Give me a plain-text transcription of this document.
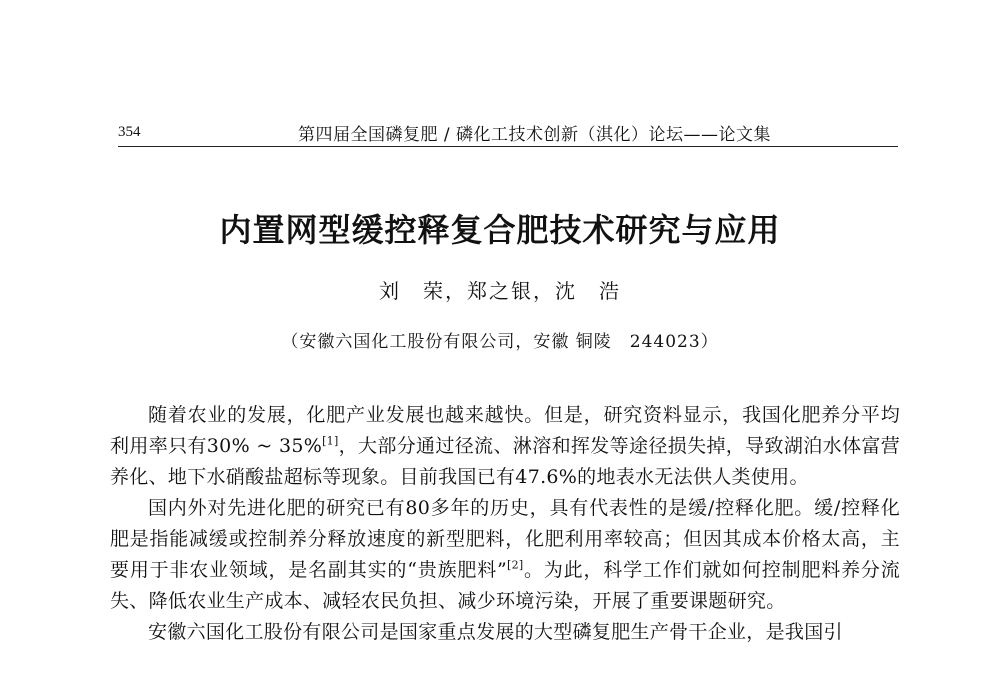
354	第四届全国磷复肥 / 磷化工技术创新（淇化）论坛——论文集
内置网型缓控释复合肥技术研究与应用
刘　荣，郑之银，沈　浩
（安徽六国化工股份有限公司，安徽 铜陵　244023）

随着农业的发展，化肥产业发展也越来越快。但是，研究资料显示，我国化肥养分平均利用率只有30% ~ 35%[1]，大部分通过径流、淋溶和挥发等途径损失掉，导致湖泊水体富营养化、地下水硝酸盐超标等现象。目前我国已有47.6%的地表水无法供人类使用。

国内外对先进化肥的研究已有80多年的历史，具有代表性的是缓/控释化肥。缓/控释化肥是指能减缓或控制养分释放速度的新型肥料，化肥利用率较高；但因其成本价格太高，主要用于非农业领域，是名副其实的“贵族肥料”[2]。为此，科学工作们就如何控制肥料养分流失、降低农业生产成本、减轻农民负担、减少环境污染，开展了重要课题研究。

安徽六国化工股份有限公司是国家重点发展的大型磷复肥生产骨干企业，是我国引
